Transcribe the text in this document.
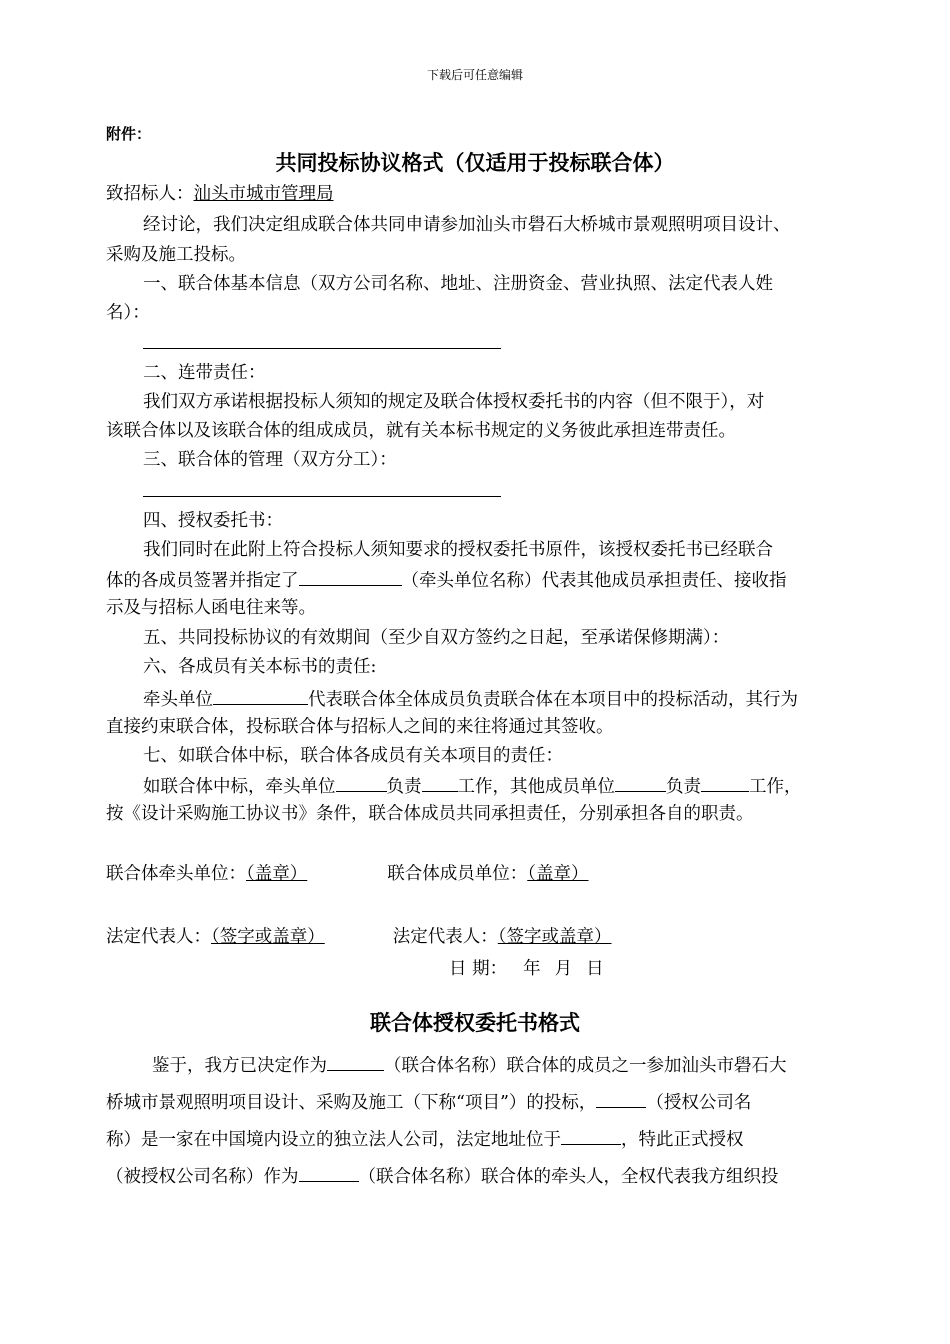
下载后可任意编辑
附件：
共同投标协议格式（仅适用于投标联合体）
致招标人：汕头市城市管理局
经讨论，我们决定组成联合体共同申请参加汕头市礐石大桥城市景观照明项目设计、
采购及施工投标。
一、联合体基本信息（双方公司名称、地址、注册资金、营业执照、法定代表人姓
名）：
二、连带责任：
我们双方承诺根据投标人须知的规定及联合体授权委托书的内容（但不限于），对
该联合体以及该联合体的组成成员，就有关本标书规定的义务彼此承担连带责任。
三、联合体的管理（双方分工）：
四、授权委托书：
我们同时在此附上符合投标人须知要求的授权委托书原件，该授权委托书已经联合
体的各成员签署并指定了	（牵头单位名称）代表其他成员承担责任、接收指
示及与招标人函电往来等。
五、共同投标协议的有效期间（至少自双方签约之日起，至承诺保修期满）：
六、各成员有关本标书的责任:
牵头单位	代表联合体全体成员负责联合体在本项目中的投标活动，其行为
直接约束联合体，投标联合体与招标人之间的来往将通过其签收。
七、如联合体中标，联合体各成员有关本项目的责任：
如联合体中标，牵头单位	负责 工作，其他成员单位	负责	工作，
按《设计采购施工协议书》条件，联合体成员共同承担责任，分别承担各自的职责。
联合体牵头单位：（盖章）	联合体成员单位：（盖章）
法定代表人：（签字或盖章）	法定代表人：（签字或盖章）
日 期： 年 月 日
联合体授权委托书格式
鉴于，我方已决定作为	（联合体名称）联合体的成员之一参加汕头市礐石大
桥城市景观照明项目设计、采购及施工（下称“项目”）的投标，	（授权公司名
称）是一家在中国境内设立的独立法人公司，法定地址位于	，特此正式授权
（被授权公司名称）作为	（联合体名称）联合体的牵头人，全权代表我方组织投
